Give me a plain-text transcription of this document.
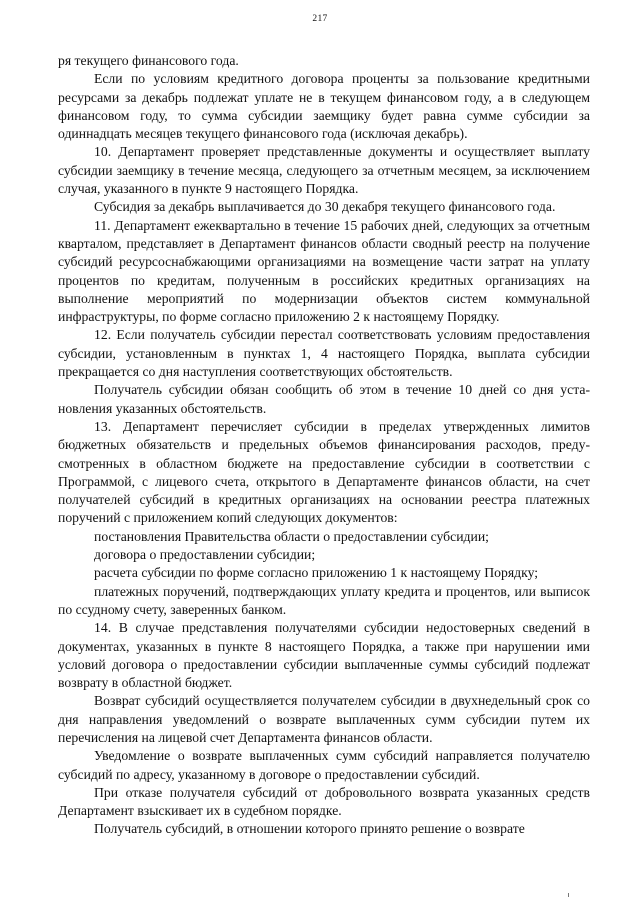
217

ря текущего финансового года.

Если по условиям кредитного договора проценты за пользование кредитными ресурсами за декабрь подлежат уплате не в текущем финансовом году, а в следующем финансовом году, то сумма субсидии заемщику будет равна сумме субсидии за одиннадцать месяцев текущего финансового года (исключая декабрь).

10. Департамент проверяет представленные документы и осуществляет выплату субсидии заемщику в течение месяца, следующего за отчетным месяцем, за исключением случая, указанного в пункте 9 настоящего Порядка.

Субсидия за декабрь выплачивается до 30 декабря текущего финансового года.

11. Департамент ежеквартально в течение 15 рабочих дней, следующих за отчетным кварталом, представляет в Департамент финансов области сводный реестр на получение субсидий ресурсоснабжающими организациями на возмещение части затрат на уплату процентов по кредитам, полученным в российских кредитных организациях на выполнение мероприятий по модернизации объектов систем коммунальной инфраструктуры, по форме согласно приложению 2 к настоящему Порядку.

12. Если получатель субсидии перестал соответствовать условиям предоставления субсидии, установленным в пунктах 1, 4 настоящего Порядка, выплата субсидии прекращается со дня наступления соответствующих обстоятельств.

Получатель субсидии обязан сообщить об этом в течение 10 дней со дня установления указанных обстоятельств.

13. Департамент перечисляет субсидии в пределах утвержденных лимитов бюджетных обязательств и предельных объемов финансирования расходов, предусмотренных в областном бюджете на предоставление субсидии в соответствии с Программой, с лицевого счета, открытого в Департаменте финансов области, на счет получателей субсидий в кредитных организациях на основании реестра платежных поручений с приложением копий следующих документов:

постановления Правительства области о предоставлении субсидии;

договора о предоставлении субсидии;

расчета субсидии по форме согласно приложению 1 к настоящему Порядку;

платежных поручений, подтверждающих уплату кредита и процентов, или выписок по ссудному счету, заверенных банком.

14. В случае представления получателями субсидии недостоверных сведений в документах, указанных в пункте 8 настоящего Порядка, а также при нарушении ими условий договора о предоставлении субсидии выплаченные суммы субсидий подлежат возврату в областной бюджет.

Возврат субсидий осуществляется получателем субсидии в двухнедельный срок со дня направления уведомлений о возврате выплаченных сумм субсидии путем их перечисления на лицевой счет Департамента финансов области.

Уведомление о возврате выплаченных сумм субсидий направляется получателю субсидий по адресу, указанному в договоре о предоставлении субсидий.

При отказе получателя субсидий от добровольного возврата указанных средств Департамент взыскивает их в судебном порядке.

Получатель субсидий, в отношении которого принято решение о возврате
